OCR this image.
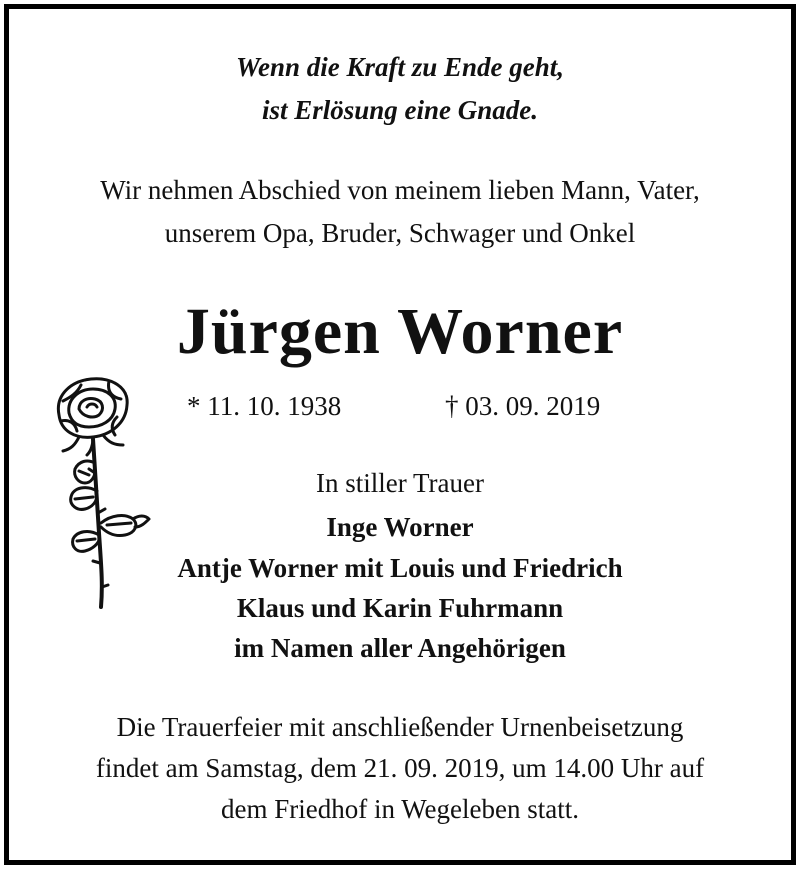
Wenn die Kraft zu Ende geht,
ist Erlösung eine Gnade.
Wir nehmen Abschied von meinem lieben Mann, Vater,
unserem Opa, Bruder, Schwager und Onkel
Jürgen Worner
* 11. 10. 1938	† 03. 09. 2019
In stiller Trauer
Inge Worner
Antje Worner mit Louis und Friedrich
Klaus und Karin Fuhrmann
im Namen aller Angehörigen
Die Trauerfeier mit anschließender Urnenbeisetzung
findet am Samstag, dem 21. 09. 2019, um 14.00 Uhr auf
dem Friedhof in Wegeleben statt.
